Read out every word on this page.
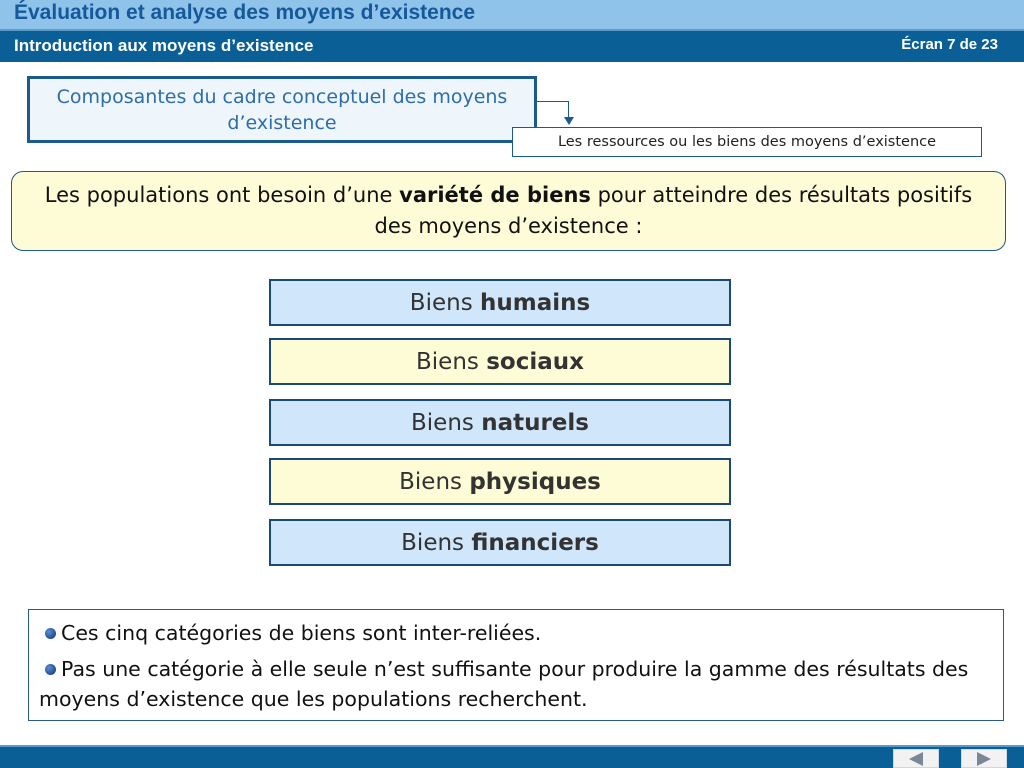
Évaluation et analyse des moyens d’existence
Introduction aux moyens d’existence	Écran 7 de 23
Composantes du cadre conceptuel des moyens d’existence
Les ressources ou les biens des moyens d’existence
Les populations ont besoin d’une variété de biens pour atteindre des résultats positifs des moyens d’existence :
Biens
humains
Biens
sociaux
Biens
naturels
Biens
physiques
Biens
financiers
Ces cinq catégories de biens sont inter-reliées.
Pas une catégorie à elle seule n’est suffisante pour produire la gamme des résultats des moyens d’existence que les populations recherchent.
